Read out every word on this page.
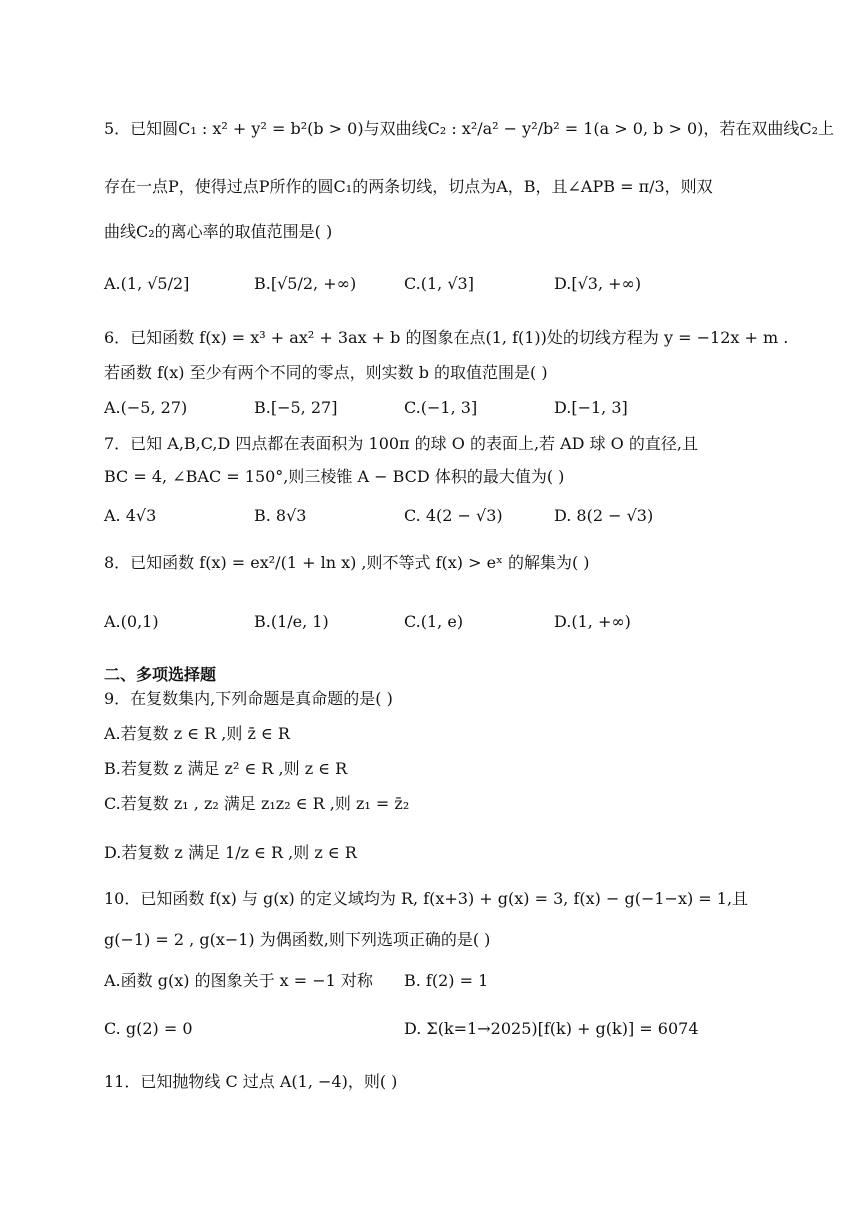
5．已知圆C₁ : x² + y² = b²(b > 0)与双曲线C₂ : x²/a² − y²/b² = 1(a > 0, b > 0)，若在双曲线C₂上
存在一点P，使得过点P所作的圆C₁的两条切线，切点为A，B，且∠APB = π/3，则双
曲线C₂的离心率的取值范围是( )
A.(1, √5/2]	B.[√5/2, +∞)	C.(1, √3]	D.[√3, +∞)
6．已知函数 f(x) = x³ + ax² + 3ax + b 的图象在点(1, f(1))处的切线方程为 y = −12x + m .
若函数 f(x) 至少有两个不同的零点，则实数 b 的取值范围是( )
A.(−5, 27)	B.[−5, 27]	C.(−1, 3]	D.[−1, 3]
7．已知 A,B,C,D 四点都在表面积为 100π 的球 O 的表面上,若 AD 球 O 的直径,且
BC = 4, ∠BAC = 150°,则三棱锥 A − BCD 体积的最大值为( )
A. 4√3	B. 8√3	C. 4(2 − √3)	D. 8(2 − √3)
8．已知函数 f(x) = ex²/(1 + ln x) ,则不等式 f(x) > eˣ 的解集为( )
A.(0,1)	B.(1/e, 1)	C.(1, e)	D.(1, +∞)
二、多项选择题
9．在复数集内,下列命题是真命题的是( )
A.若复数 z ∈ R ,则 z̄ ∈ R
B.若复数 z 满足 z² ∈ R ,则 z ∈ R
C.若复数 z₁ , z₂ 满足 z₁z₂ ∈ R ,则 z₁ = z̄₂
D.若复数 z 满足 1/z ∈ R ,则 z ∈ R
10．已知函数 f(x) 与 g(x) 的定义域均为 R, f(x+3) + g(x) = 3, f(x) − g(−1−x) = 1,且
g(−1) = 2 , g(x−1) 为偶函数,则下列选项正确的是( )
A.函数 g(x) 的图象关于 x = −1 对称 B. f(2) = 1
C. g(2) = 0	D. Σ(k=1→2025)[f(k) + g(k)] = 6074
11．已知抛物线 C 过点 A(1, −4)，则( )
